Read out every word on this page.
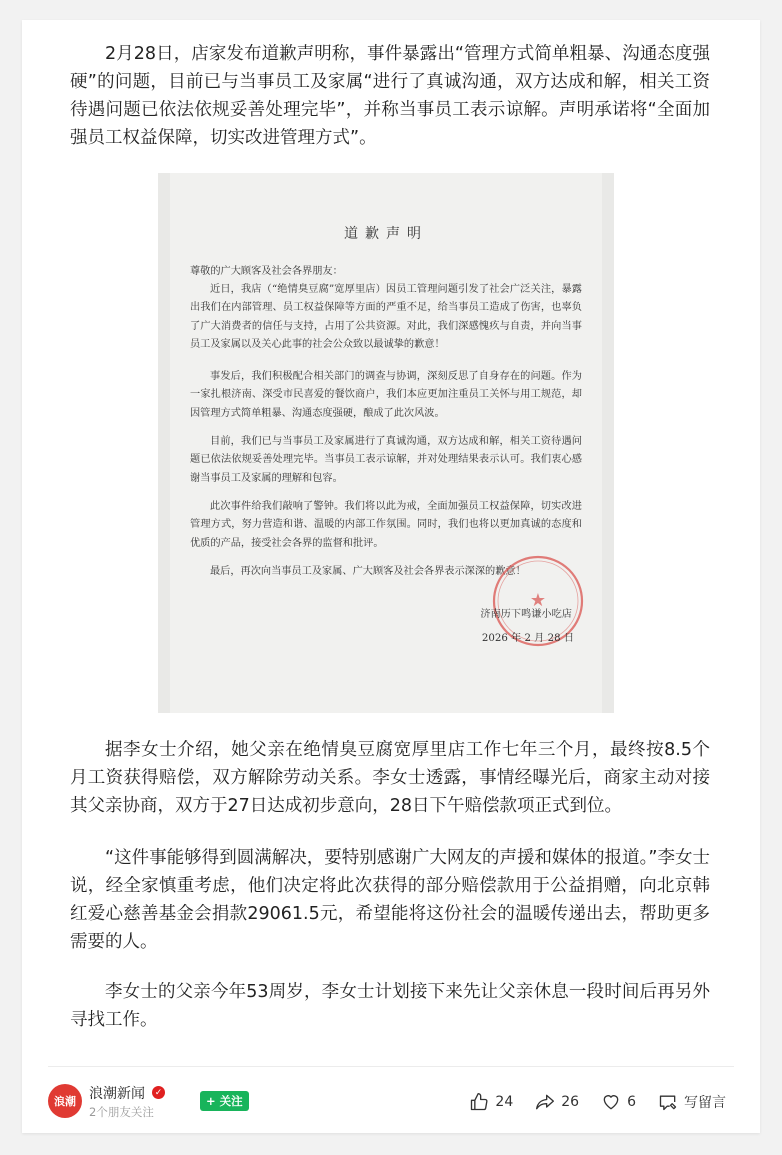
2月28日，店家发布道歉声明称，事件暴露出“管理方式简单粗暴、沟通态度强硬”的问题，目前已与当事员工及家属“进行了真诚沟通，双方达成和解，相关工资待遇问题已依法依规妥善处理完毕”，并称当事员工表示谅解。声明承诺将“全面加强员工权益保障，切实改进管理方式”。

道歉声明
尊敬的广大顾客及社会各界朋友：

近日，我店（“绝情臭豆腐”宽厚里店）因员工管理问题引发了社会广泛关注，暴露出我们在内部管理、员工权益保障等方面的严重不足，给当事员工造成了伤害，也辜负了广大消费者的信任与支持，占用了公共资源。对此，我们深感愧疚与自责，并向当事员工及家属以及关心此事的社会公众致以最诚挚的歉意！

事发后，我们积极配合相关部门的调查与协调，深刻反思了自身存在的问题。作为一家扎根济南、深受市民喜爱的餐饮商户，我们本应更加注重员工关怀与用工规范，却因管理方式简单粗暴、沟通态度强硬，酿成了此次风波。

目前，我们已与当事员工及家属进行了真诚沟通，双方达成和解，相关工资待遇问题已依法依规妥善处理完毕。当事员工表示谅解，并对处理结果表示认可。我们衷心感谢当事员工及家属的理解和包容。

此次事件给我们敲响了警钟。我们将以此为戒，全面加强员工权益保障，切实改进管理方式，努力营造和谐、温暖的内部工作氛围。同时，我们也将以更加真诚的态度和优质的产品，接受社会各界的监督和批评。

最后，再次向当事员工及家属、广大顾客及社会各界表示深深的歉意！

★
济南历下鸣谦小吃店
2026 年 2 月 28 日

据李女士介绍，她父亲在绝情臭豆腐宽厚里店工作七年三个月，最终按8.5个月工资获得赔偿，双方解除劳动关系。李女士透露，事情经曝光后，商家主动对接其父亲协商，双方于27日达成初步意向，28日下午赔偿款项正式到位。

“这件事能够得到圆满解决，要特别感谢广大网友的声援和媒体的报道。”李女士说，经全家慎重考虑，他们决定将此次获得的部分赔偿款用于公益捐赠，向北京韩红爱心慈善基金会捐款29061.5元，希望能将这份社会的温暖传递出去，帮助更多需要的人。

李女士的父亲今年53周岁，李女士计划接下来先让父亲休息一段时间后再另外寻找工作。

浪潮 浪潮新闻	✓
2个朋友关注
+ 关注	24	26	6	写留言
